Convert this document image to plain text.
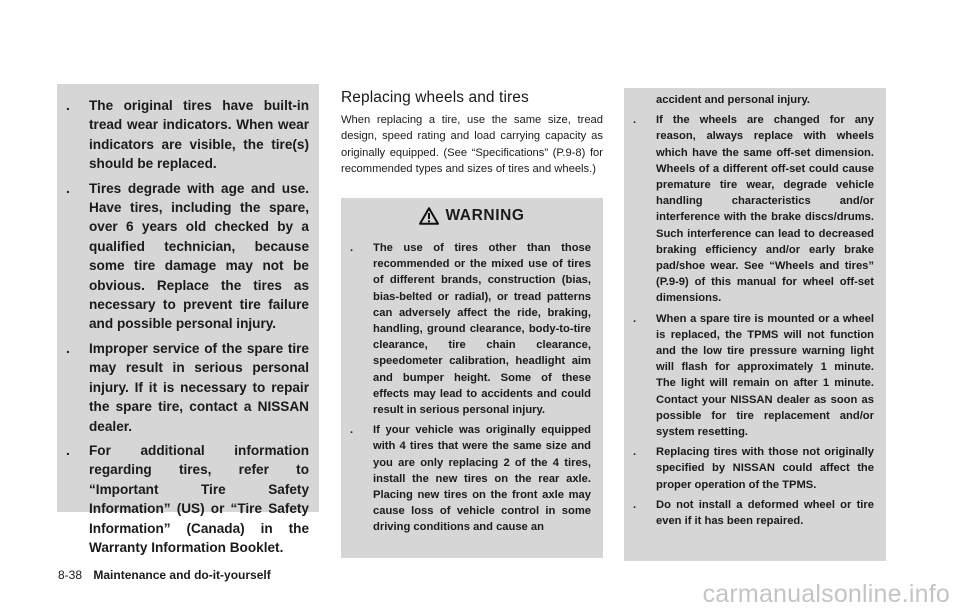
. The original tires have built-in tread wear indicators. When wear indicators are visible, the tire(s) should be replaced.
. Tires degrade with age and use. Have tires, including the spare, over 6 years old checked by a qualified technician, because some tire damage may not be obvious. Replace the tires as necessary to prevent tire failure and possible personal injury.
. Improper service of the spare tire may result in serious personal injury. If it is necessary to repair the spare tire, contact a NISSAN dealer.
. For additional information regarding tires, refer to “Important Tire Safety Information” (US) or “Tire Safety Information” (Canada) in the Warranty Information Booklet.
Replacing wheels and tires

When replacing a tire, use the same size, tread design, speed rating and load carrying capacity as originally equipped. (See “Specifications” (P.9-8) for recommended types and sizes of tires and wheels.)

WARNING
. The use of tires other than those recommended or the mixed use of tires of different brands, construction (bias, bias-belted or radial), or tread patterns can adversely affect the ride, braking, handling, ground clearance, body-to-tire clearance, tire chain clearance, speedometer calibration, headlight aim and bumper height. Some of these effects may lead to accidents and could result in serious personal injury.
. If your vehicle was originally equipped with 4 tires that were the same size and you are only replacing 2 of the 4 tires, install the new tires on the rear axle. Placing new tires on the front axle may cause loss of vehicle control in some driving conditions and cause an
accident and personal injury.
. If the wheels are changed for any reason, always replace with wheels which have the same off-set dimension. Wheels of a different off-set could cause premature tire wear, degrade vehicle handling characteristics and/or interference with the brake discs/drums. Such interference can lead to decreased braking efficiency and/or early brake pad/shoe wear. See “Wheels and tires” (P.9-9) of this manual for wheel off-set dimensions.
. When a spare tire is mounted or a wheel is replaced, the TPMS will not function and the low tire pressure warning light will flash for approximately 1 minute. The light will remain on after 1 minute. Contact your NISSAN dealer as soon as possible for tire replacement and/or system resetting.
. Replacing tires with those not originally specified by NISSAN could affect the proper operation of the TPMS.
. Do not install a deformed wheel or tire even if it has been repaired.
8-38 Maintenance and do-it-yourself
carmanualsonline.info
